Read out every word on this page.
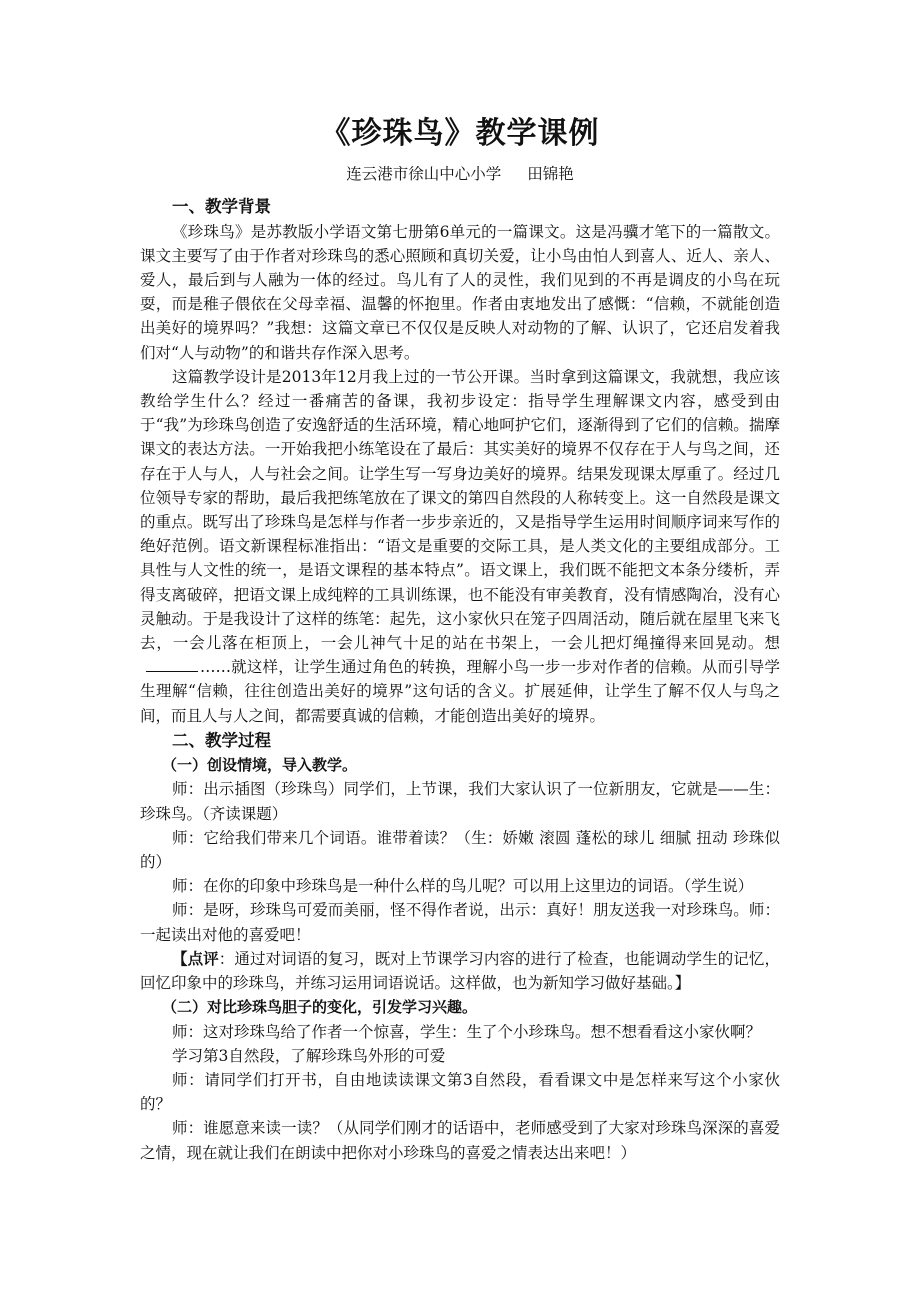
《珍珠鸟》教学课例
连云港市徐山中心小学 田锦艳

一、教学背景

《珍珠鸟》是苏教版小学语文第七册第6单元的一篇课文。这是冯骥才笔下的一篇散文。课文主要写了由于作者对珍珠鸟的悉心照顾和真切关爱，让小鸟由怕人到喜人、近人、亲人、爱人，最后到与人融为一体的经过。鸟儿有了人的灵性，我们见到的不再是调皮的小鸟在玩耍，而是稚子偎依在父母幸福、温馨的怀抱里。作者由衷地发出了感慨：“信赖，不就能创造出美好的境界吗？”我想：这篇文章已不仅仅是反映人对动物的了解、认识了，它还启发着我们对“人与动物”的和谐共存作深入思考。

这篇教学设计是2013年12月我上过的一节公开课。当时拿到这篇课文，我就想，我应该教给学生什么？经过一番痛苦的备课，我初步设定：指导学生理解课文内容，感受到由于“我”为珍珠鸟创造了安逸舒适的生活环境，精心地呵护它们，逐渐得到了它们的信赖。揣摩课文的表达方法。一开始我把小练笔设在了最后：其实美好的境界不仅存在于人与鸟之间，还存在于人与人，人与社会之间。让学生写一写身边美好的境界。结果发现课太厚重了。经过几位领导专家的帮助，最后我把练笔放在了课文的第四自然段的人称转变上。这一自然段是课文的重点。既写出了珍珠鸟是怎样与作者一步步亲近的，又是指导学生运用时间顺序词来写作的绝好范例。语文新课程标准指出：“语文是重要的交际工具，是人类文化的主要组成部分。工具性与人文性的统一，是语文课程的基本特点”。语文课上，我们既不能把文本条分缕析，弄得支离破碎，把语文课上成纯粹的工具训练课，也不能没有审美教育，没有情感陶冶，没有心灵触动。于是我设计了这样的练笔：起先，这小家伙只在笼子四周活动，随后就在屋里飞来飞去，一会儿落在柜顶上，一会儿神气十足的站在书架上，一会儿把灯绳撞得来回晃动。想……就这样，让学生通过角色的转换，理解小鸟一步一步对作者的信赖。从而引导学生理解“信赖，往往创造出美好的境界”这句话的含义。扩展延伸，让学生了解不仅人与鸟之间，而且人与人之间，都需要真诚的信赖，才能创造出美好的境界。

二、教学过程

（一）创设情境，导入教学。

师：出示插图（珍珠鸟）同学们，上节课，我们大家认识了一位新朋友，它就是——生：珍珠鸟。（齐读课题）

师：它给我们带来几个词语。谁带着读？（生：娇嫩 滚圆 蓬松的球儿 细腻 扭动 珍珠似的）

师：在你的印象中珍珠鸟是一种什么样的鸟儿呢？可以用上这里边的词语。（学生说）

师：是呀，珍珠鸟可爱而美丽，怪不得作者说，出示：真好！朋友送我一对珍珠鸟。师：一起读出对他的喜爱吧！

【点评：通过对词语的复习，既对上节课学习内容的进行了检查，也能调动学生的记忆，回忆印象中的珍珠鸟，并练习运用词语说话。这样做，也为新知学习做好基础。】

（二）对比珍珠鸟胆子的变化，引发学习兴趣。

师：这对珍珠鸟给了作者一个惊喜，学生：生了个小珍珠鸟。想不想看看这小家伙啊？

学习第3自然段，了解珍珠鸟外形的可爱

师：请同学们打开书，自由地读读课文第3自然段，看看课文中是怎样来写这个小家伙的？

师：谁愿意来读一读？（从同学们刚才的话语中，老师感受到了大家对珍珠鸟深深的喜爱之情，现在就让我们在朗读中把你对小珍珠鸟的喜爱之情表达出来吧！）
